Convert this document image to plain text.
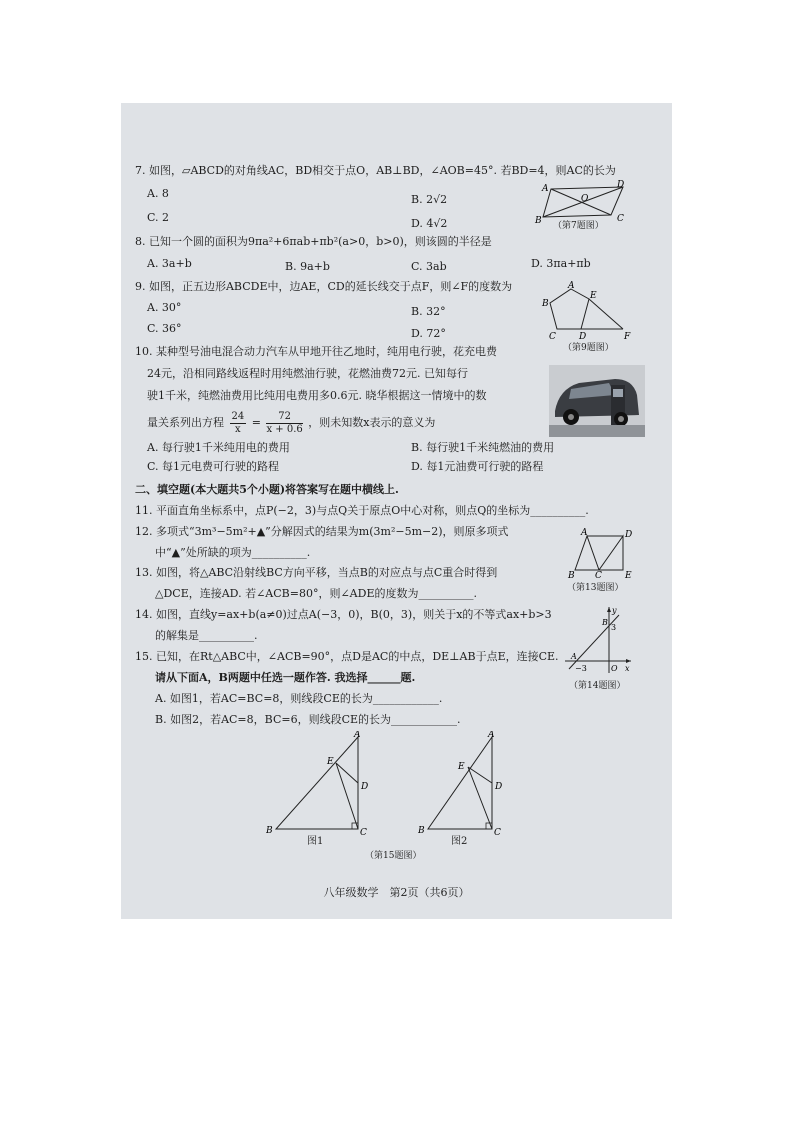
7. 如图，▱ABCD的对角线AC，BD相交于点O，AB⊥BD，∠AOB=45°. 若BD=4，则AC的长为
A. 8	B. 2√2
C. 2	D. 4√2
A	D
B	C
O
（第7题图）
8. 已知一个圆的面积为9πa²+6πab+πb²(a>0，b>0)，则该圆的半径是
A. 3a+b	B. 9a+b	C. 3ab	D. 3πa+πb
9. 如图，正五边形ABCDE中，边AE，CD的延长线交于点F，则∠F的度数为
A. 30°	B. 32°
C. 36°	D. 72°
A
B
C	D
E
F
（第9题图）
10. 某种型号油电混合动力汽车从甲地开往乙地时，纯用电行驶，花充电费
24元，沿相同路线返程时用纯燃油行驶，花燃油费72元. 已知每行
驶1千米，纯燃油费用比纯用电费用多0.6元. 晓华根据这一情境中的数
量关系列出方程 $\frac{24}{x} = \frac{72}{x + 0.6}$ ，则未知数x表示的意义为
A. 每行驶1千米纯用电的费用	B. 每行驶1千米纯燃油的费用
C. 每1元电费可行驶的路程	D. 每1元油费可行驶的路程
二、填空题(本大题共5个小题)将答案写在题中横线上.
11. 平面直角坐标系中，点P(−2，3)与点Q关于原点O中心对称，则点Q的坐标为__________.
12. 多项式“3m³−5m²+▲”分解因式的结果为m(3m²−5m−2)，则原多项式
中“▲”处所缺的项为__________.
13. 如图，将△ABC沿射线BC方向平移，当点B的对应点与点C重合时得到
△DCE，连接AD. 若∠ACB=80°，则∠ADE的度数为__________.
A	D
B C	E
（第13题图）
14. 如图，直线y=ax+b(a≠0)过点A(−3，0)，B(0，3)，则关于x的不等式ax+b>3
的解集是__________.
y
x
B
3
A
−3	O
（第14题图）
15. 已知，在Rt△ABC中，∠ACB=90°，点D是AC的中点，DE⊥AB于点E，连接CE.
请从下面A，B两题中任选一题作答. 我选择______题.
A. 如图1，若AC=BC=8，则线段CE的长为____________.
B. 如图2，若AC=8，BC=6，则线段CE的长为____________.
A
E
D
B	C
图1
A
E
D
B	C
图2
（第15题图）
八年级数学　第2页（共6页）
